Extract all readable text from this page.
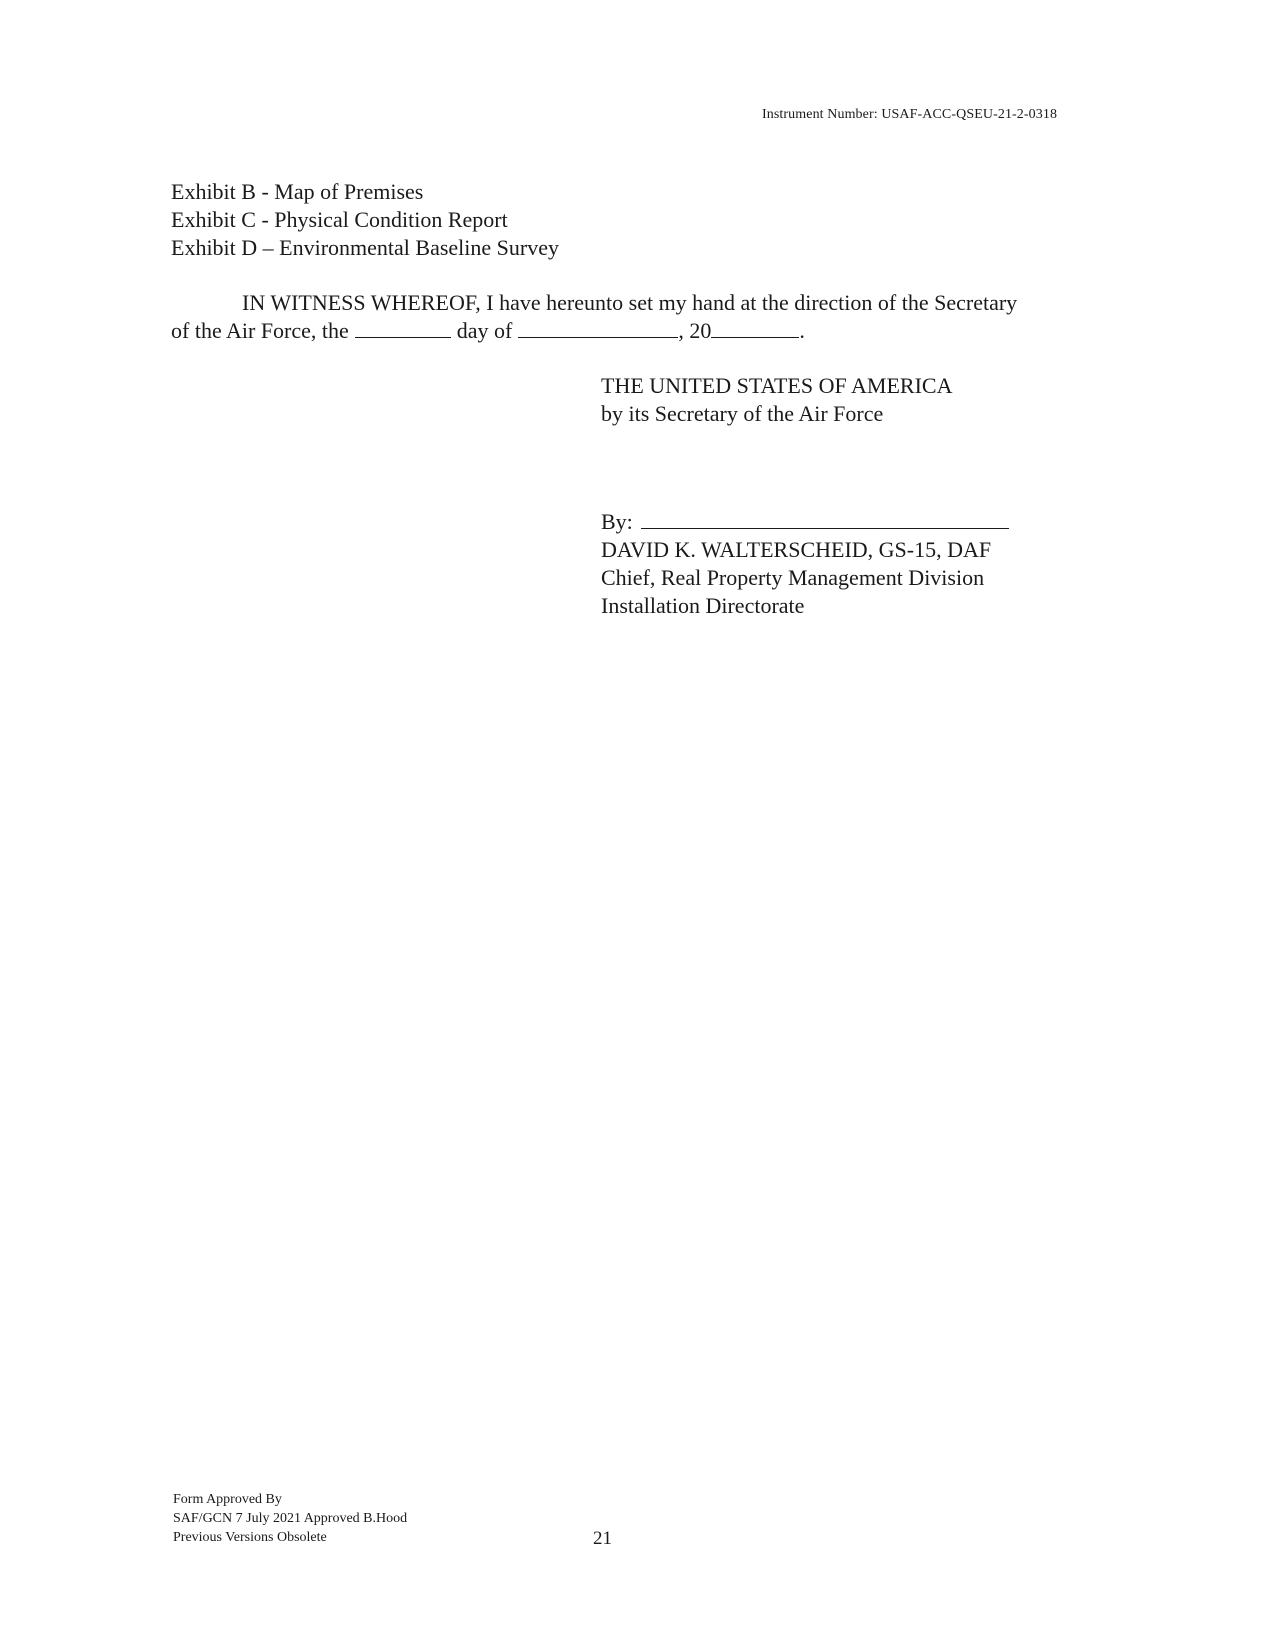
Instrument Number: USAF-ACC-QSEU-21-2-0318
Exhibit B - Map of Premises
Exhibit C - Physical Condition Report
Exhibit D – Environmental Baseline Survey
IN WITNESS WHEREOF, I have hereunto set my hand at the direction of the Secretary
of the Air Force, the	day of	, 20	.
THE UNITED STATES OF AMERICA
by its Secretary of the Air Force
By:
DAVID K. WALTERSCHEID, GS-15, DAF
Chief, Real Property Management Division
Installation Directorate
Form Approved By
SAF/GCN 7 July 2021 Approved B.Hood
Previous Versions Obsolete	21
